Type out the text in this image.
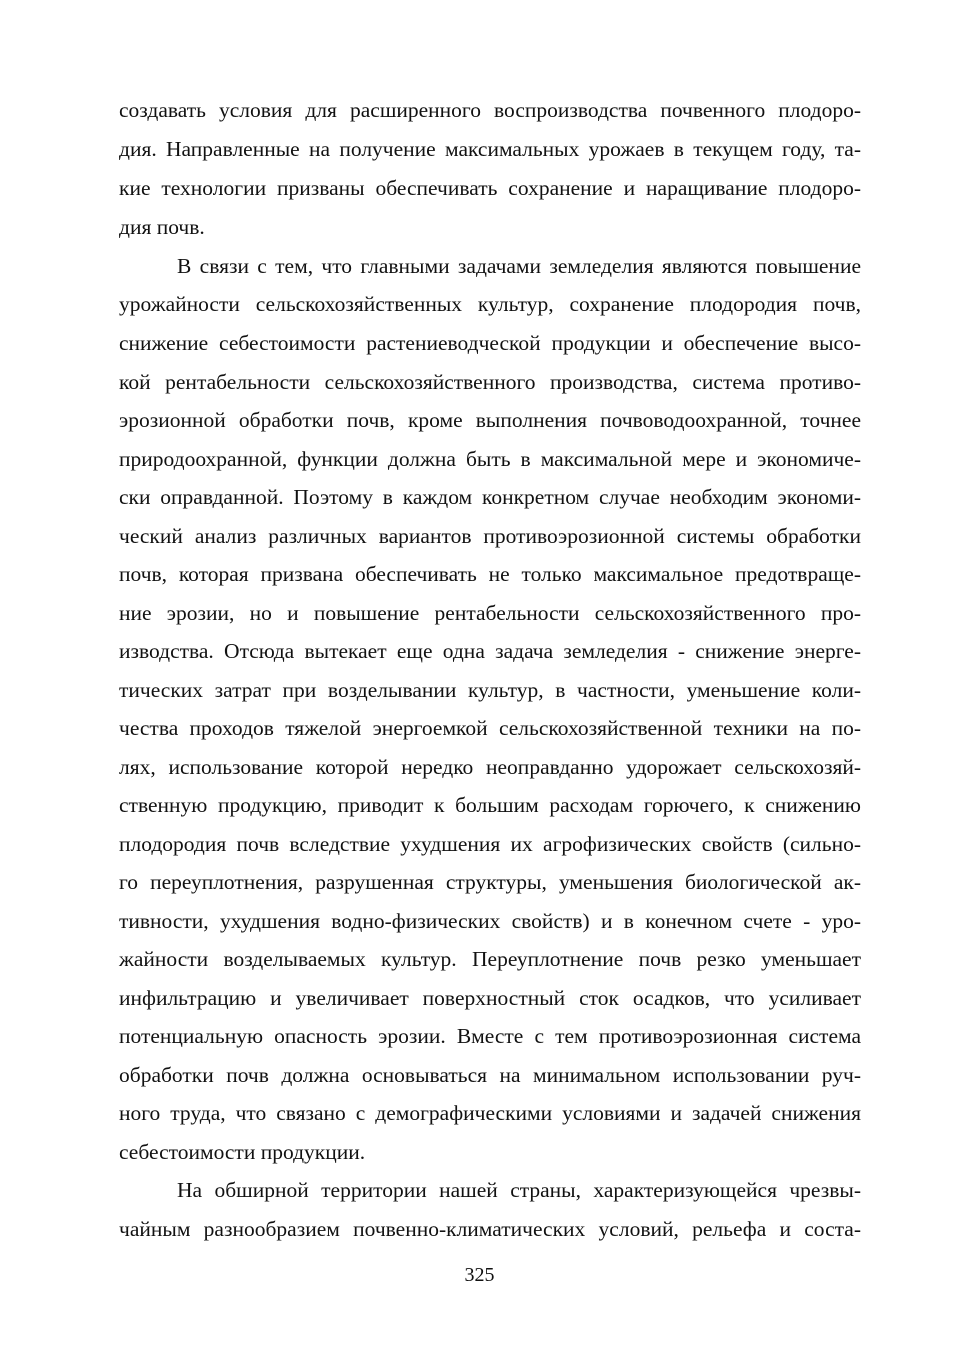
создавать условия для расширенного воспроизводства почвенного плодоро-
дия. Направленные на получение максимальных урожаев в текущем году, та-
кие технологии призваны обеспечивать сохранение и наращивание плодоро-
дия почв.
В связи с тем, что главными задачами земледелия являются повышение
урожайности сельскохозяйственных культур, сохранение плодородия почв,
снижение себестоимости растениеводческой продукции и обеспечение высо-
кой рентабельности сельскохозяйственного производства, система противо-
эрозионной обработки почв, кроме выполнения почвоводоохранной, точнее
природоохранной, функции должна быть в максимальной мере и экономиче-
ски оправданной. Поэтому в каждом конкретном случае необходим экономи-
ческий анализ различных вариантов противоэрозионной системы обработки
почв, которая призвана обеспечивать не только максимальное предотвраще-
ние эрозии, но и повышение рентабельности сельскохозяйственного про-
изводства. Отсюда вытекает еще одна задача земледелия - снижение энерге-
тических затрат при возделывании культур, в частности, уменьшение коли-
чества проходов тяжелой энергоемкой сельскохозяйственной техники на по-
лях, использование которой нередко неоправданно удорожает сельскохозяй-
ственную продукцию, приводит к большим расходам горючего, к снижению
плодородия почв вследствие ухудшения их агрофизических свойств (сильно-
го переуплотнения, разрушенная структуры, уменьшения биологической ак-
тивности, ухудшения водно-физических свойств) и в конечном счете - уро-
жайности возделываемых культур. Переуплотнение почв резко уменьшает
инфильтрацию и увеличивает поверхностный сток осадков, что усиливает
потенциальную опасность эрозии. Вместе с тем противоэрозионная система
обработки почв должна основываться на минимальном использовании руч-
ного труда, что связано с демографическими условиями и задачей снижения
себестоимости продукции.
На обширной территории нашей страны, характеризующейся чрезвы-
чайным разнообразием почвенно-климатических условий, рельефа и соста-
325
